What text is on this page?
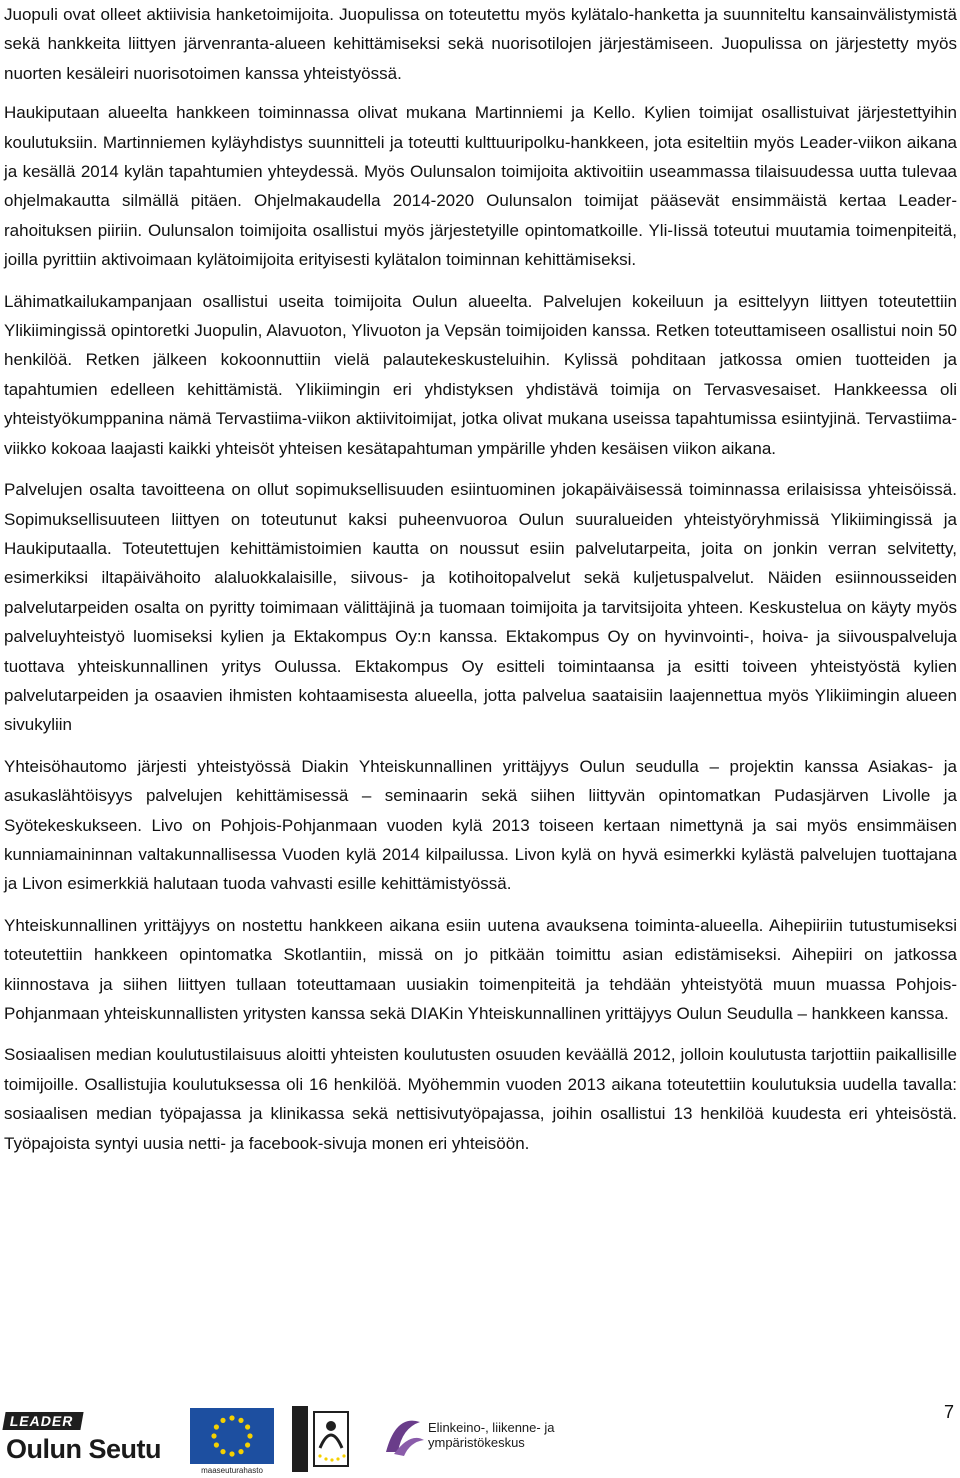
Juopuli ovat olleet aktiivisia hanketoimijoita. Juopulissa on toteutettu myös kylätalo-hanketta ja suunniteltu kansainvälistymistä sekä hankkeita liittyen järvenranta-alueen kehittämiseksi sekä nuorisotilojen järjestämiseen. Juopulissa on järjestetty myös nuorten kesäleiri nuorisotoimen kanssa yhteistyössä.

Haukiputaan alueelta hankkeen toiminnassa olivat mukana Martinniemi ja Kello. Kylien toimijat osallistuivat järjestettyihin koulutuksiin. Martinniemen kyläyhdistys suunnitteli ja toteutti kulttuuripolku-hankkeen, jota esiteltiin myös Leader-viikon aikana ja kesällä 2014 kylän tapahtumien yhteydessä. Myös Oulunsalon toimijoita aktivoitiin useammassa tilaisuudessa uutta tulevaa ohjelmakautta silmällä pitäen. Ohjelmakaudella 2014-2020 Oulunsalon toimijat pääsevät ensimmäistä kertaa Leader-rahoituksen piiriin. Oulunsalon toimijoita osallistui myös järjestetyille opintomatkoille. Yli-Iissä toteutui muutamia toimenpiteitä, joilla pyrittiin aktivoimaan kylätoimijoita erityisesti kylätalon toiminnan kehittämiseksi.

Lähimatkailukampanjaan osallistui useita toimijoita Oulun alueelta. Palvelujen kokeiluun ja esittelyyn liittyen toteutettiin Ylikiimingissä opintoretki Juopulin, Alavuoton, Ylivuoton ja Vepsän toimijoiden kanssa. Retken toteuttamiseen osallistui noin 50 henkilöä. Retken jälkeen kokoonnuttiin vielä palautekeskusteluihin. Kylissä pohditaan jatkossa omien tuotteiden ja tapahtumien edelleen kehittämistä. Ylikiimingin eri yhdistyksen yhdistävä toimija on Tervasvesaiset. Hankkeessa oli yhteistyökumppanina nämä Tervastiima-viikon aktiivitoimijat, jotka olivat mukana useissa tapahtumissa esiintyjinä. Tervastiima-viikko kokoaa laajasti kaikki yhteisöt yhteisen kesätapahtuman ympärille yhden kesäisen viikon aikana.

Palvelujen osalta tavoitteena on ollut sopimuksellisuuden esiintuominen jokapäiväisessä toiminnassa erilaisissa yhteisöissä. Sopimuksellisuuteen liittyen on toteutunut kaksi puheenvuoroa Oulun suuralueiden yhteistyöryhmissä Ylikiimingissä ja Haukiputaalla. Toteutettujen kehittämistoimien kautta on noussut esiin palvelutarpeita, joita on jonkin verran selvitetty, esimerkiksi iltapäivähoito alaluokkalaisille, siivous- ja kotihoitopalvelut sekä kuljetuspalvelut. Näiden esiinnousseiden palvelutarpeiden osalta on pyritty toimimaan välittäjinä ja tuomaan toimijoita ja tarvitsijoita yhteen. Keskustelua on käyty myös palveluyhteistyö luomiseksi kylien ja Ektakompus Oy:n kanssa. Ektakompus Oy on hyvinvointi-, hoiva- ja siivouspalveluja tuottava yhteiskunnallinen yritys Oulussa. Ektakompus Oy esitteli toimintaansa ja esitti toiveen yhteistyöstä kylien palvelutarpeiden ja osaavien ihmisten kohtaamisesta alueella, jotta palvelua saataisiin laajennettua myös Ylikiimingin alueen sivukyliin

Yhteisöhautomo järjesti yhteistyössä Diakin Yhteiskunnallinen yrittäjyys Oulun seudulla – projektin kanssa Asiakas- ja asukaslähtöisyys palvelujen kehittämisessä – seminaarin sekä siihen liittyvän opintomatkan Pudasjärven Livolle ja Syötekeskukseen. Livo on Pohjois-Pohjanmaan vuoden kylä 2013 toiseen kertaan nimettynä ja sai myös ensimmäisen kunniamaininnan valtakunnallisessa Vuoden kylä 2014 kilpailussa. Livon kylä on hyvä esimerkki kylästä palvelujen tuottajana ja Livon esimerkkiä halutaan tuoda vahvasti esille kehittämistyössä.

Yhteiskunnallinen yrittäjyys on nostettu hankkeen aikana esiin uutena avauksena toiminta-alueella. Aihepiiriin tutustumiseksi toteutettiin hankkeen opintomatka Skotlantiin, missä on jo pitkään toimittu asian edistämiseksi. Aihepiiri on jatkossa kiinnostava ja siihen liittyen tullaan toteuttamaan uusiakin toimenpiteitä ja tehdään yhteistyötä muun muassa Pohjois-Pohjanmaan yhteiskunnallisten yritysten kanssa sekä DIAKin Yhteiskunnallinen yrittäjyys Oulun Seudulla – hankkeen kanssa.

Sosiaalisen median koulutustilaisuus aloitti yhteisten koulutusten osuuden keväällä 2012, jolloin koulutusta tarjottiin paikallisille toimijoille. Osallistujia koulutuksessa oli 16 henkilöä. Myöhemmin vuoden 2013 aikana toteutettiin koulutuksia uudella tavalla: sosiaalisen median työpajassa ja klinikassa sekä nettisivutyöpajassa, joihin osallistui 13 henkilöä kuudesta eri yhteisöstä. Työpajoista syntyi uusia netti- ja facebook-sivuja monen eri yhteisöön.

LEADER
Oulun Seutu
maaseuturahasto
Elinkeino-, liikenne- ja ympäristökeskus
7
